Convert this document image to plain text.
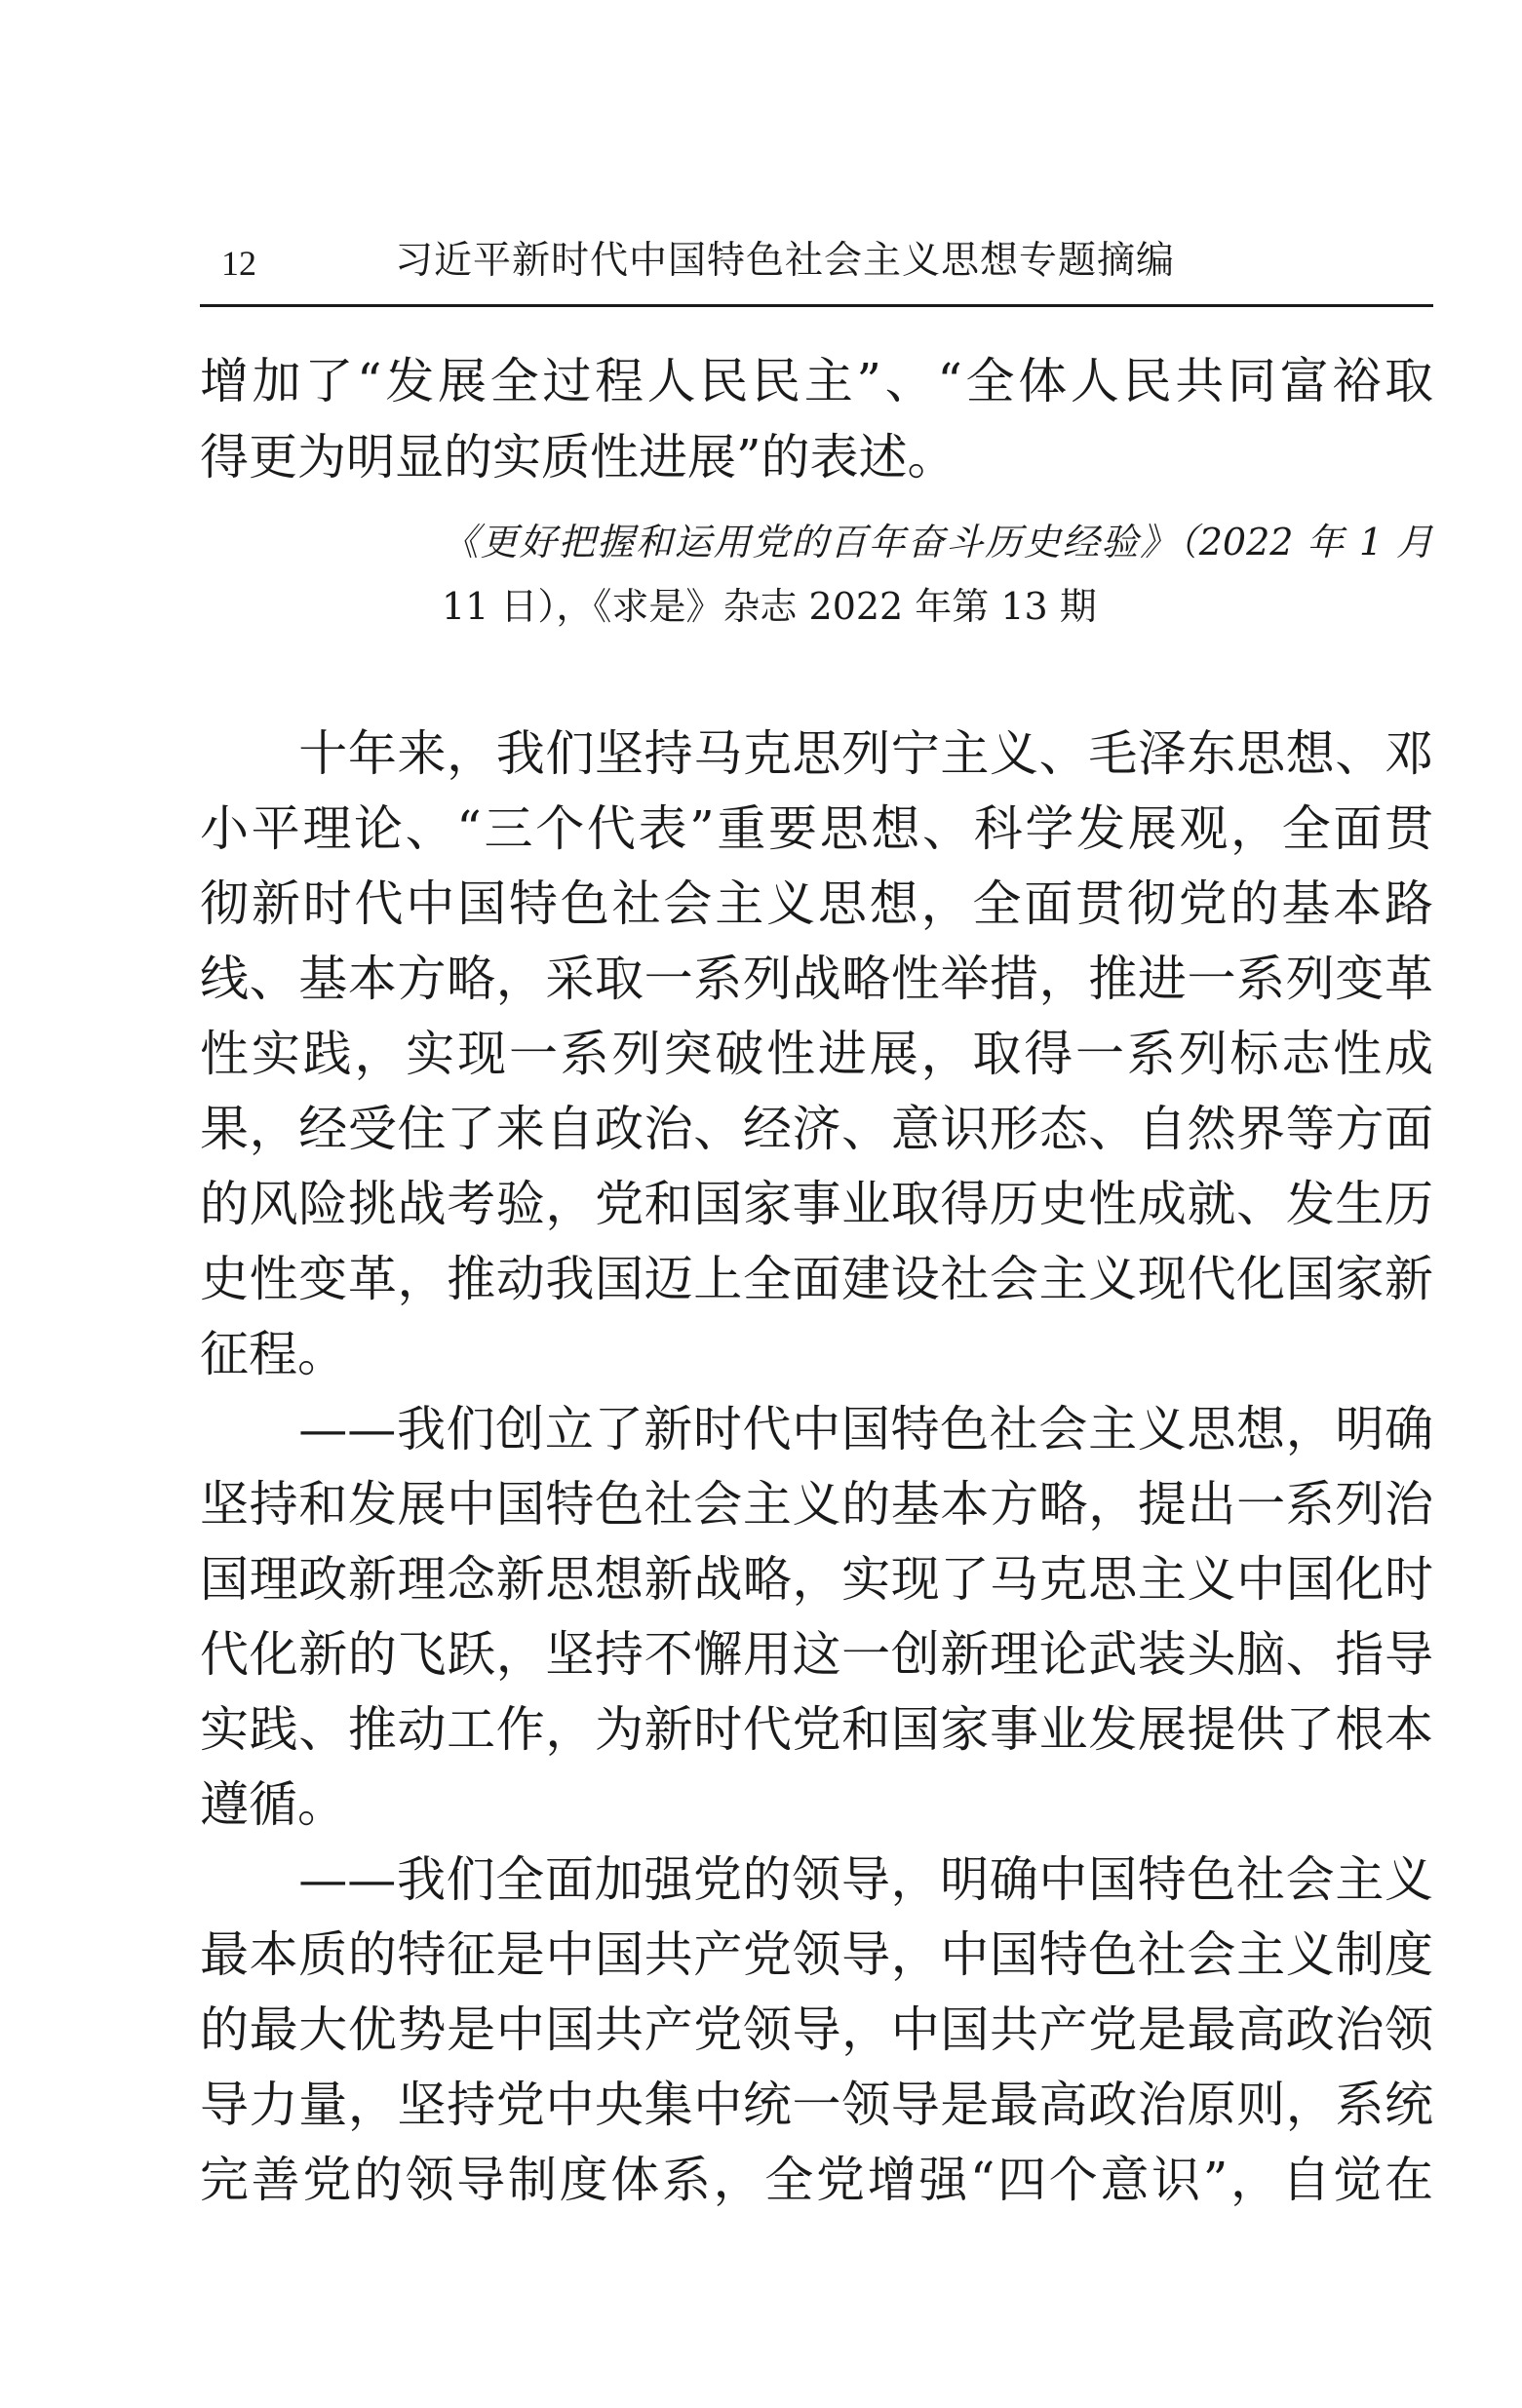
12	习近平新时代中国特色社会主义思想专题摘编
增加了“发展全过程人民民主”、“全体人民共同富裕取
得更为明显的实质性进展”的表述。
《更好把握和运用党的百年奋斗历史经验》（2022 年 1 月
11 日），《求是》杂志 2022 年第 13 期
　　十年来，我们坚持马克思列宁主义、毛泽东思想、邓
小平理论、“三个代表”重要思想、科学发展观，全面贯
彻新时代中国特色社会主义思想，全面贯彻党的基本路
线、基本方略，采取一系列战略性举措，推进一系列变革
性实践，实现一系列突破性进展，取得一系列标志性成
果，经受住了来自政治、经济、意识形态、自然界等方面
的风险挑战考验，党和国家事业取得历史性成就、发生历
史性变革，推动我国迈上全面建设社会主义现代化国家新
征程。
　　——我们创立了新时代中国特色社会主义思想，明确
坚持和发展中国特色社会主义的基本方略，提出一系列治
国理政新理念新思想新战略，实现了马克思主义中国化时
代化新的飞跃，坚持不懈用这一创新理论武装头脑、指导
实践、推动工作，为新时代党和国家事业发展提供了根本
遵循。
　　——我们全面加强党的领导，明确中国特色社会主义
最本质的特征是中国共产党领导，中国特色社会主义制度
的最大优势是中国共产党领导，中国共产党是最高政治领
导力量，坚持党中央集中统一领导是最高政治原则，系统
完善党的领导制度体系，全党增强“四个意识”，自觉在
